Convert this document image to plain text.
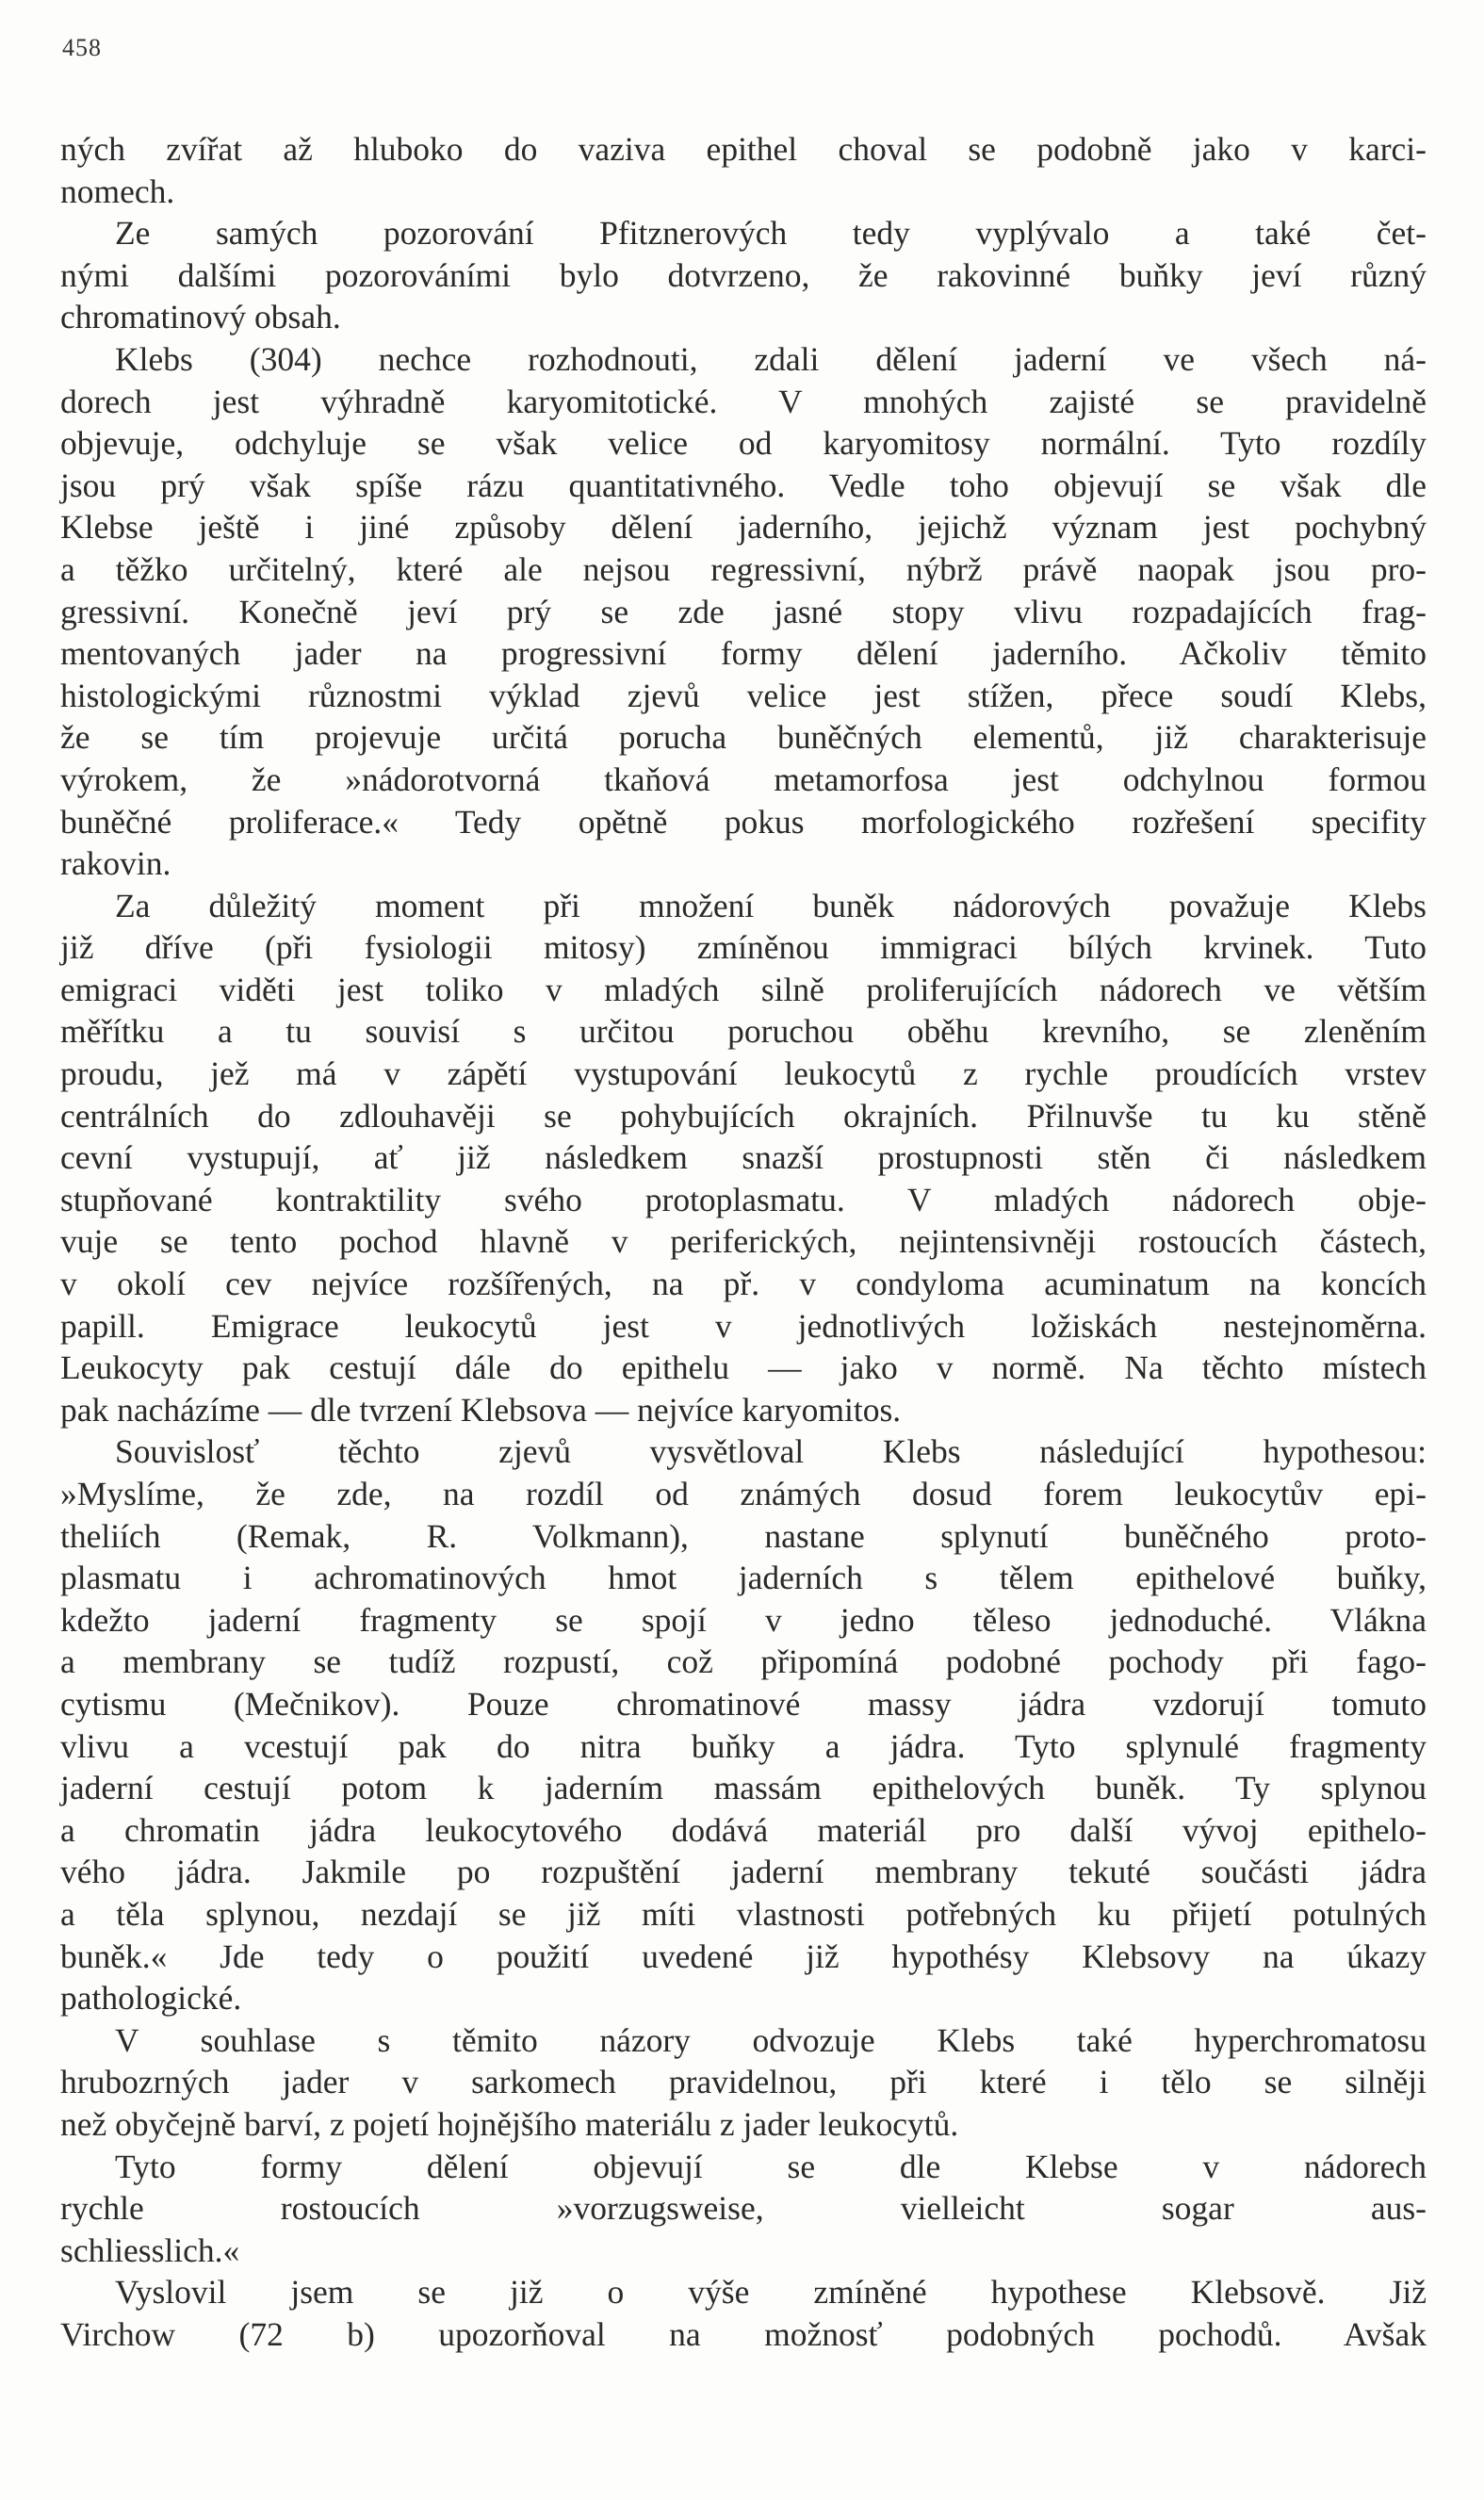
458
ných zvířat až hluboko do vaziva epithel choval se podobně jako v karci-
nomech.
Ze samých pozorování Pfitznerových tedy vyplývalo a také čet-
nými dalšími pozorováními bylo dotvrzeno, že rakovinné buňky jeví různý
chromatinový obsah.
Klebs (304) nechce rozhodnouti, zdali dělení jaderní ve všech ná-
dorech jest výhradně karyomitotické. V mnohých zajisté se pravidelně
objevuje, odchyluje se však velice od karyomitosy normální. Tyto rozdíly
jsou prý však spíše rázu quantitativného. Vedle toho objevují se však dle
Klebse ještě i jiné způsoby dělení jaderního, jejichž význam jest pochybný
a těžko určitelný, které ale nejsou regressivní, nýbrž právě naopak jsou pro-
gressivní. Konečně jeví prý se zde jasné stopy vlivu rozpadajících frag-
mentovaných jader na progressivní formy dělení jaderního. Ačkoliv těmito
histologickými různostmi výklad zjevů velice jest stížen, přece soudí Klebs,
že se tím projevuje určitá porucha buněčných elementů, již charakterisuje
výrokem, že »nádorotvorná tkaňová metamorfosa jest odchylnou formou
buněčné proliferace.« Tedy opětně pokus morfologického rozřešení specifity
rakovin.
Za důležitý moment při množení buněk nádorových považuje Klebs
již dříve (při fysiologii mitosy) zmíněnou immigraci bílých krvinek. Tuto
emigraci viděti jest toliko v mladých silně proliferujících nádorech ve větším
měřítku a tu souvisí s určitou poruchou oběhu krevního, se zleněním
proudu, jež má v zápětí vystupování leukocytů z rychle proudících vrstev
centrálních do zdlouhavěji se pohybujících okrajních. Přilnuvše tu ku stěně
cevní vystupují, ať již následkem snazší prostupnosti stěn či následkem
stupňované kontraktility svého protoplasmatu. V mladých nádorech obje-
vuje se tento pochod hlavně v periferických, nejintensivněji rostoucích částech,
v okolí cev nejvíce rozšířených, na př. v condyloma acuminatum na koncích
papill. Emigrace leukocytů jest v jednotlivých ložiskách nestejnoměrna.
Leukocyty pak cestují dále do epithelu — jako v normě. Na těchto místech
pak nacházíme — dle tvrzení Klebsova — nejvíce karyomitos.
Souvislosť těchto zjevů vysvětloval Klebs následující hypothesou:
»Myslíme, že zde, na rozdíl od známých dosud forem leukocytův epi-
theliích (Remak, R. Volkmann), nastane splynutí buněčného proto-
plasmatu i achromatinových hmot jaderních s tělem epithelové buňky,
kdežto jaderní fragmenty se spojí v jedno těleso jednoduché. Vlákna
a membrany se tudíž rozpustí, což připomíná podobné pochody při fago-
cytismu (Mečnikov). Pouze chromatinové massy jádra vzdorují tomuto
vlivu a vcestují pak do nitra buňky a jádra. Tyto splynulé fragmenty
jaderní cestují potom k jaderním massám epithelových buněk. Ty splynou
a chromatin jádra leukocytového dodává materiál pro další vývoj epithelo-
vého jádra. Jakmile po rozpuštění jaderní membrany tekuté součásti jádra
a těla splynou, nezdají se již míti vlastnosti potřebných ku přijetí potulných
buněk.« Jde tedy o použití uvedené již hypothésy Klebsovy na úkazy
pathologické.
V souhlase s těmito názory odvozuje Klebs také hyperchromatosu
hrubozrných jader v sarkomech pravidelnou, při které i tělo se silněji
než obyčejně barví, z pojetí hojnějšího materiálu z jader leukocytů.
Tyto formy dělení objevují se dle Klebse v nádorech
rychle rostoucích »vorzugsweise, vielleicht sogar aus-
schliesslich.«
Vyslovil jsem se již o výše zmíněné hypothese Klebsově. Již
Virchow (72 b) upozorňoval na možnosť podobných pochodů. Avšak
